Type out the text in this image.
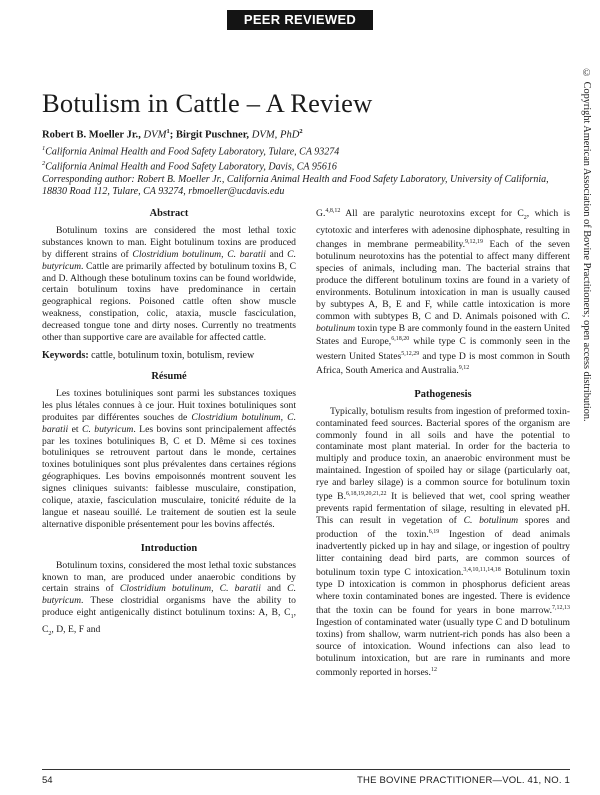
PEER REVIEWED
© Copyright American Association of Bovine Practitioners; open access distribution.
Botulism in Cattle – A Review
Robert B. Moeller Jr., DVM$^1$; Birgit Puschner, DVM, PhD$^2$
$^1$California Animal Health and Food Safety Laboratory, Tulare, CA 93274
$^2$California Animal Health and Food Safety Laboratory, Davis, CA 95616
Corresponding author: Robert B. Moeller Jr., California Animal Health and Food Safety Laboratory, University of California, 18830 Road 112, Tulare, CA 93274, rbmoeller@ucdavis.edu
Abstract

Botulinum toxins are considered the most lethal toxic substances known to man. Eight botulinum toxins are produced by different strains of Clostridium botulinum, C. baratii and C. butyricum. Cattle are primarily affected by botulinum toxins B, C and D. Although these botulinum toxins can be found worldwide, certain botulinum toxins have predominance in certain geographical regions. Poisoned cattle often show muscle weakness, constipation, colic, ataxia, muscle fasciculation, decreased tongue tone and dirty noses. Currently no treatments other than supportive care are available for affected cattle.

Keywords: cattle, botulinum toxin, botulism, review
Résumé

Les toxines botuliniques sont parmi les substances toxiques les plus létales connues à ce jour. Huit toxines botuliniques sont produites par différentes souches de Clostridium botulinum, C. baratii et C. butyricum. Les bovins sont principalement affectés par les toxines botuliniques B, C et D. Même si ces toxines botuliniques se retrouvent partout dans le monde, certaines toxines botuliniques sont plus prévalentes dans certaines régions géographiques. Les bovins empoisonnés montrent souvent les signes cliniques suivants: faiblesse musculaire, constipation, colique, ataxie, fasciculation musculaire, tonicité réduite de la langue et naseau souillé. Le traitement de soutien est la seule alternative disponible présentement pour les bovins affectés.

Introduction

Botulinum toxins, considered the most lethal toxic substances known to man, are produced under anaerobic conditions by certain strains of Clostridium botulinum, C. baratii and C. butyricum. These clostridial organisms have the ability to produce eight antigenically distinct botulinum toxins: A, B, $C_1$, $C_2$, D, E, F and

G.$^{4,8,12}$ All are paralytic neurotoxins except for $C_2$, which is cytotoxic and interferes with adenosine diphosphate, resulting in changes in membrane permeability.$^{9,12,19}$ Each of the seven botulinum neurotoxins has the potential to affect many different species of animals, including man. The bacterial strains that produce the different botulinum toxins are found in a variety of environments. Botulinum intoxication in man is usually caused by subtypes A, B, E and F, while cattle intoxication is more common with subtypes B, C and D. Animals poisoned with C. botulinum toxin type B are commonly found in the eastern United States and Europe,$^{6,18,20}$ while type C is commonly seen in the western United States$^{5,12,29}$ and type D is most common in South Africa, South America and Australia.$^{9,12}$

Pathogenesis

Typically, botulism results from ingestion of preformed toxin-contaminated feed sources. Bacterial spores of the organism are commonly found in all soils and have the potential to contaminate most plant material. In order for the bacteria to multiply and produce toxin, an anaerobic environment must be maintained. Ingestion of spoiled hay or silage (particularly oat, rye and barley silage) is a common source for botulinum toxin type B.$^{6,18,19,20,21,22}$ It is believed that wet, cool spring weather prevents rapid fermentation of silage, resulting in elevated pH. This can result in vegetation of C. botulinum spores and production of the toxin.$^{6,19}$ Ingestion of dead animals inadvertently picked up in hay and silage, or ingestion of poultry litter containing dead bird parts, are common sources of botulinum toxin type C intoxication.$^{3,4,10,11,14,18}$ Botulinum toxin type D intoxication is common in phosphorus deficient areas where toxin contaminated bones are ingested. There is evidence that the toxin can be found for years in bone marrow.$^{7,12,13}$ Ingestion of contaminated water (usually type C and D botulinum toxins) from shallow, warm nutrient-rich ponds has also been a source of intoxication. Wound infections can also lead to botulinum intoxication, but are rare in ruminants and more commonly reported in horses.$^{12}$

54	THE BOVINE PRACTITIONER—VOL. 41, NO. 1
